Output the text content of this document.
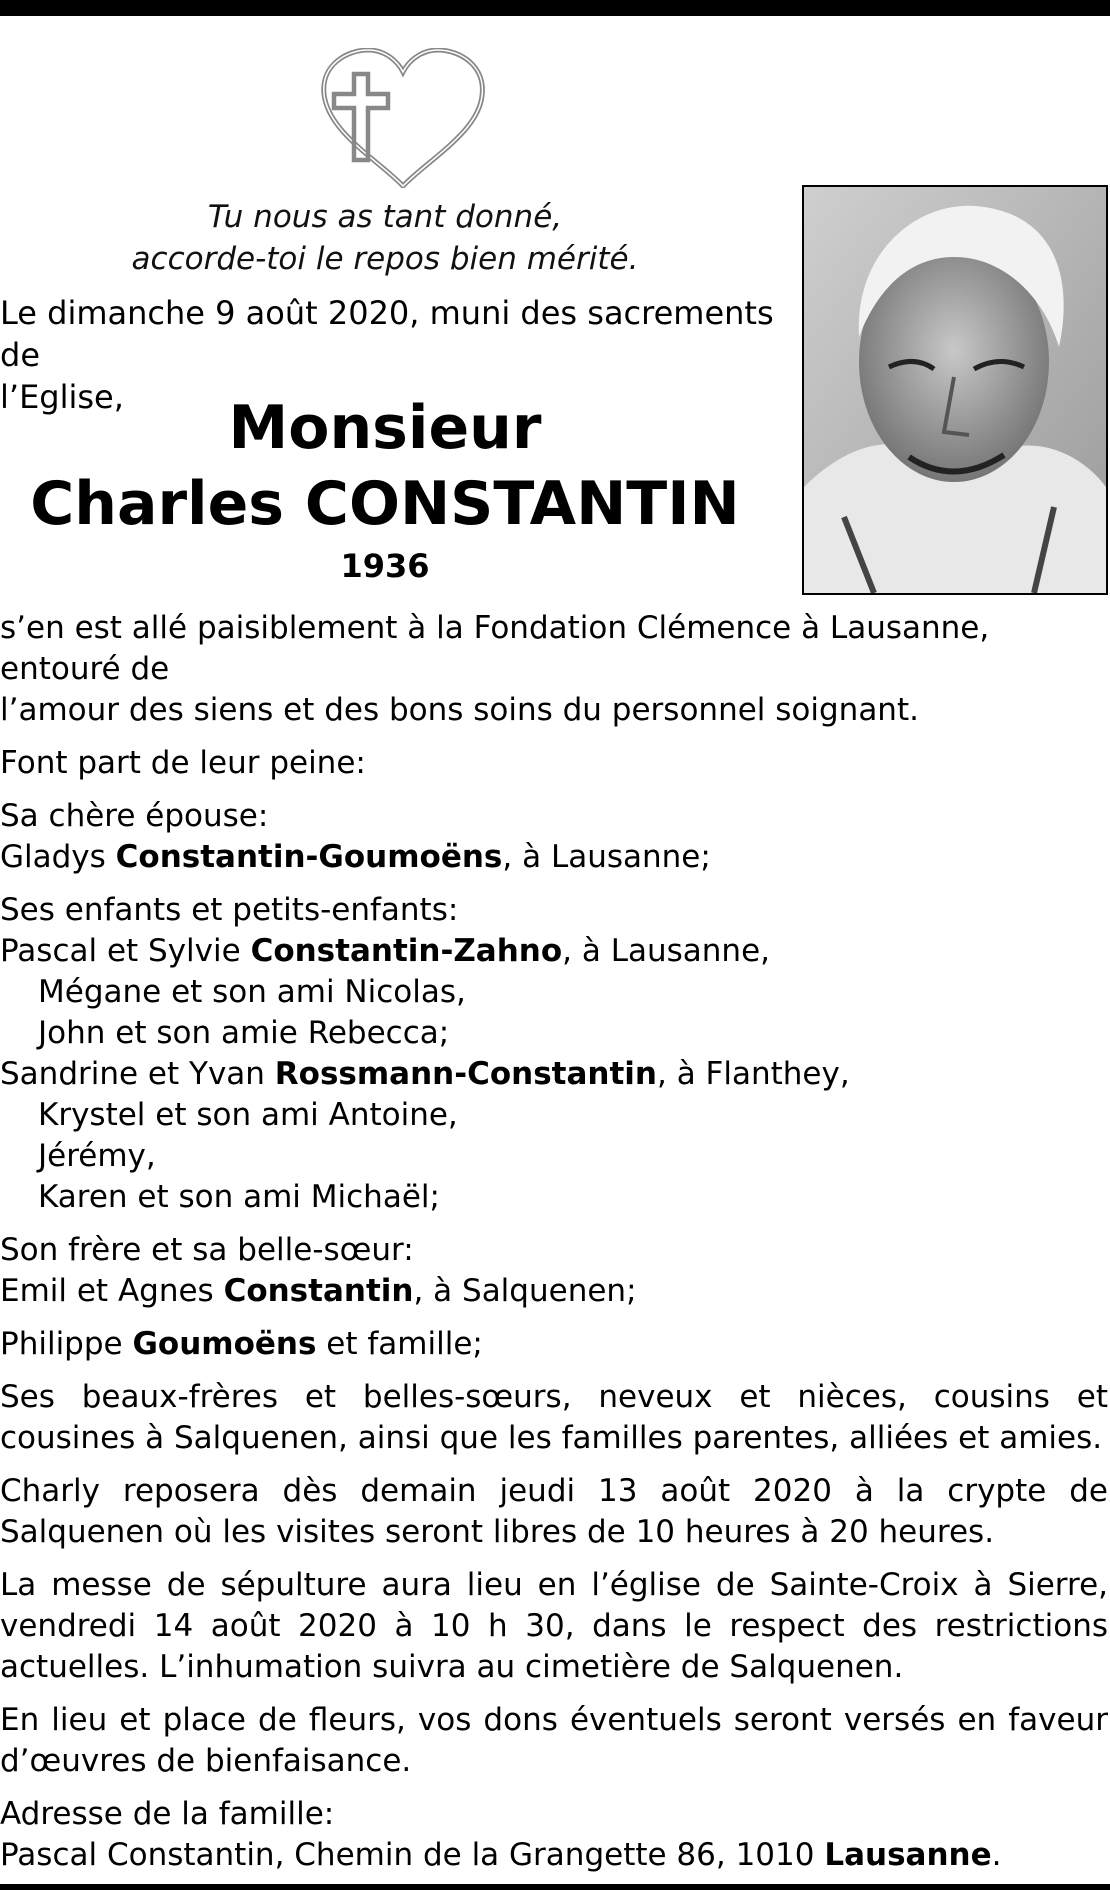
Tu nous as tant donné,
accorde-toi le repos bien mérité.
Le dimanche 9 août 2020, muni des sacrements de
l’Eglise,	Monsieur
Charles CONSTANTIN
1936

s’en est allé paisiblement à la Fondation Clémence à Lausanne, entouré de
l’amour des siens et des bons soins du personnel soignant.

Font part de leur peine:

Sa chère épouse:
Gladys Constantin-Goumoëns, à Lausanne;

Ses enfants et petits-enfants:
Pascal et Sylvie Constantin-Zahno, à Lausanne,
Mégane et son ami Nicolas,
John et son amie Rebecca;
Sandrine et Yvan Rossmann-Constantin, à Flanthey,
Krystel et son ami Antoine,
Jérémy,
Karen et son ami Michaël;

Son frère et sa belle-sœur:
Emil et Agnes Constantin, à Salquenen;

Philippe Goumoëns et famille;

Ses beaux-frères et belles-sœurs, neveux et nièces, cousins et cousines à Salquenen, ainsi que les familles parentes, alliées et amies.

Charly reposera dès demain jeudi 13 août 2020 à la crypte de Salquenen où les visites seront libres de 10 heures à 20 heures.

La messe de sépulture aura lieu en l’église de Sainte-Croix à Sierre, vendredi 14 août 2020 à 10 h 30, dans le respect des restrictions actuelles. L’inhumation suivra au cimetière de Salquenen.

En lieu et place de fleurs, vos dons éventuels seront versés en faveur d’œuvres de bienfaisance.

Adresse de la famille:
Pascal Constantin, Chemin de la Grangette 86, 1010 Lausanne.
